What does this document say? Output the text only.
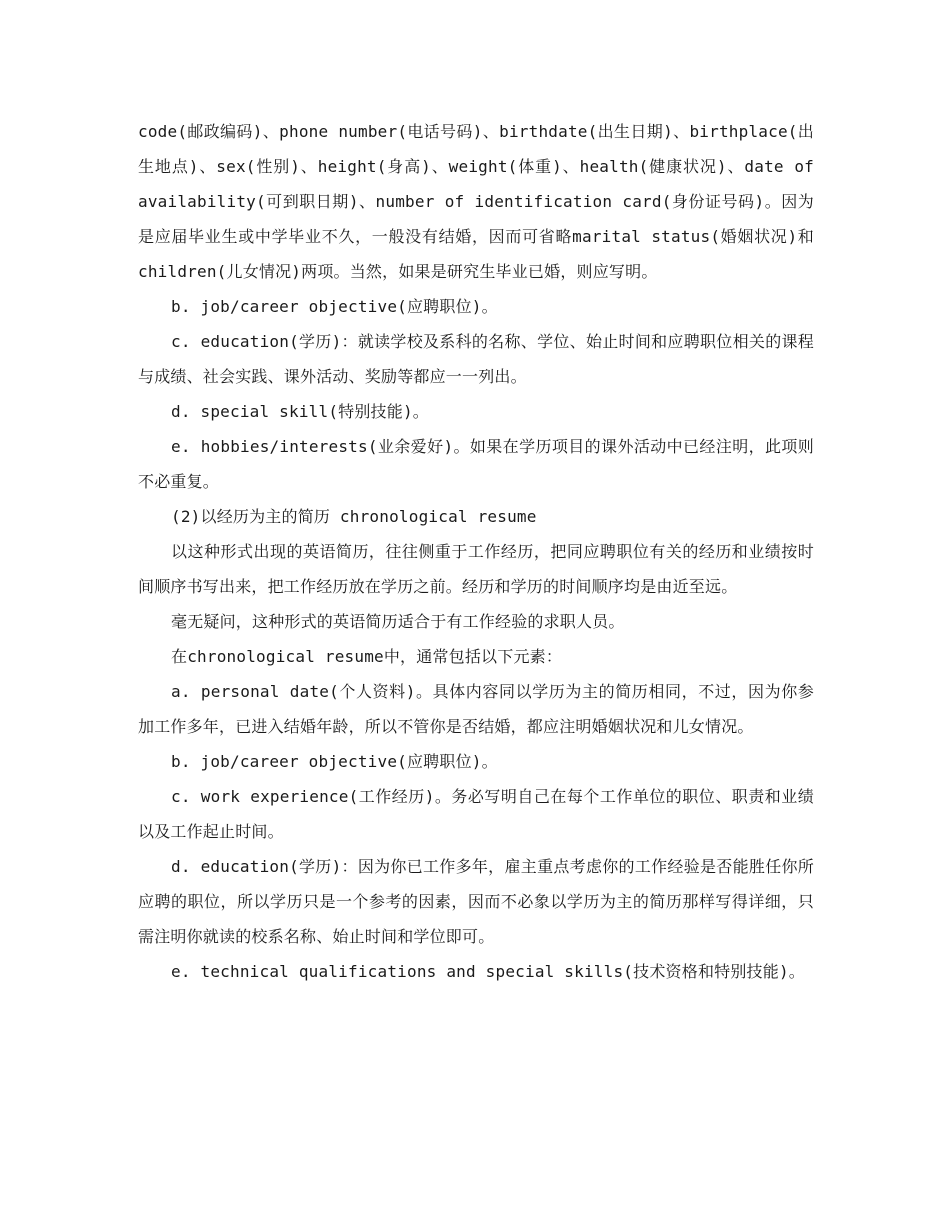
code(邮政编码)、phone number(电话号码)、birthdate(出生日期)、birthplace(出生地点)、sex(性别)、height(身高)、weight(体重)、health(健康状况)、date of availability(可到职日期)、number of identification card(身份证号码)。因为是应届毕业生或中学毕业不久，一般没有结婚，因而可省略marital status(婚姻状况)和children(儿女情况)两项。当然，如果是研究生毕业已婚，则应写明。

b. job/career objective(应聘职位)。

c. education(学历)：就读学校及系科的名称、学位、始止时间和应聘职位相关的课程与成绩、社会实践、课外活动、奖励等都应一一列出。

d. special skill(特别技能)。

e. hobbies/interests(业余爱好)。如果在学历项目的课外活动中已经注明，此项则不必重复。

(2)以经历为主的简历 chronological resume

以这种形式出现的英语简历，往往侧重于工作经历，把同应聘职位有关的经历和业绩按时间顺序书写出来，把工作经历放在学历之前。经历和学历的时间顺序均是由近至远。

毫无疑问，这种形式的英语简历适合于有工作经验的求职人员。

在chronological resume中，通常包括以下元素：

a. personal date(个人资料)。具体内容同以学历为主的简历相同，不过，因为你参加工作多年，已进入结婚年龄，所以不管你是否结婚，都应注明婚姻状况和儿女情况。

b. job/career objective(应聘职位)。

c. work experience(工作经历)。务必写明自己在每个工作单位的职位、职责和业绩以及工作起止时间。

d. education(学历)：因为你已工作多年，雇主重点考虑你的工作经验是否能胜任你所应聘的职位，所以学历只是一个参考的因素，因而不必象以学历为主的简历那样写得详细，只需注明你就读的校系名称、始止时间和学位即可。

e. technical qualifications and special skills(技术资格和特别技能)。
